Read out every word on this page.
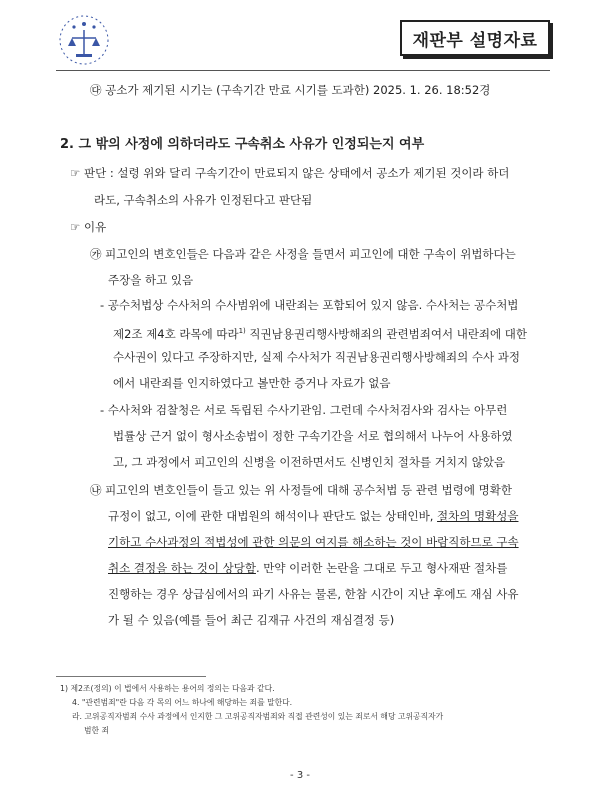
재판부 설명자료
㉰ 공소가 제기된 시기는 (구속기간 만료 시기를 도과한) 2025. 1. 26. 18:52경
2. 그 밖의 사정에 의하더라도 구속취소 사유가 인정되는지 여부
☞ 판단 : 설령 위와 달리 구속기간이 만료되지 않은 상태에서 공소가 제기된 것이라 하더
라도, 구속취소의 사유가 인정된다고 판단됨
☞ 이유
㉮ 피고인의 변호인들은 다음과 같은 사정을 들면서 피고인에 대한 구속이 위법하다는
주장을 하고 있음
- 공수처법상 수사처의 수사범위에 내란죄는 포함되어 있지 않음. 수사처는 공수처법
제2조 제4호 라목에 따라$^{1)}$ 직권남용권리행사방해죄의 관련범죄여서 내란죄에 대한
수사권이 있다고 주장하지만, 실제 수사처가 직권남용권리행사방해죄의 수사 과정
에서 내란죄를 인지하였다고 볼만한 증거나 자료가 없음
- 수사처와 검찰청은 서로 독립된 수사기관임. 그런데 수사처검사와 검사는 아무런
법률상 근거 없이 형사소송법이 정한 구속기간을 서로 협의해서 나누어 사용하였
고, 그 과정에서 피고인의 신병을 이전하면서도 신병인치 절차를 거치지 않았음
㉯ 피고인의 변호인들이 들고 있는 위 사정들에 대해 공수처법 등 관련 법령에 명확한
규정이 없고, 이에 관한 대법원의 해석이나 판단도 없는 상태인바, 절차의 명확성을
기하고 수사과정의 적법성에 관한 의문의 여지를 해소하는 것이 바람직하므로 구속
취소 결정을 하는 것이 상당함. 만약 이러한 논란을 그대로 두고 형사재판 절차를
진행하는 경우 상급심에서의 파기 사유는 물론, 한참 시간이 지난 후에도 재심 사유
가 될 수 있음(예를 들어 최근 김재규 사건의 재심결정 등)
1) 제2조(정의) 이 법에서 사용하는 용어의 정의는 다음과 같다.
4. "관련범죄"란 다음 각 목의 어느 하나에 해당하는 죄를 말한다.
라. 고위공직자범죄 수사 과정에서 인지한 그 고위공직자범죄와 직접 관련성이 있는 죄로서 해당 고위공직자가
범한 죄
- 3 -
